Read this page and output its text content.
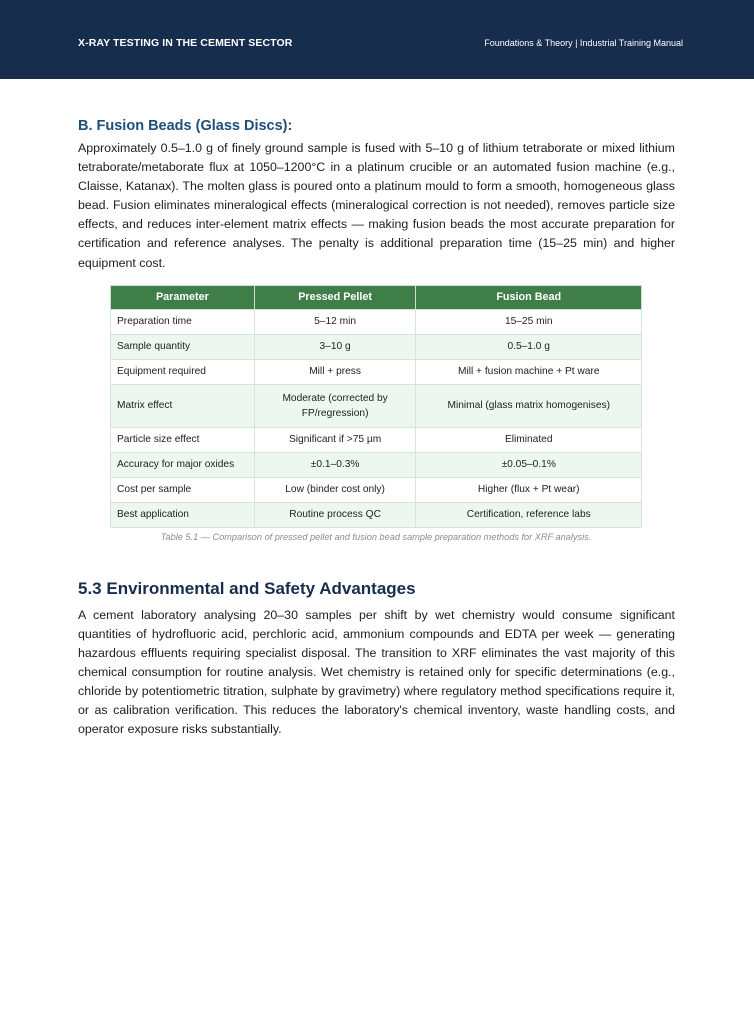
X-RAY TESTING IN THE CEMENT SECTOR	Foundations & Theory | Industrial Training Manual
B. Fusion Beads (Glass Discs):

Approximately 0.5–1.0 g of finely ground sample is fused with 5–10 g of lithium tetraborate or mixed lithium tetraborate/metaborate flux at 1050–1200°C in a platinum crucible or an automated fusion machine (e.g., Claisse, Katanax). The molten glass is poured onto a platinum mould to form a smooth, homogeneous glass bead. Fusion eliminates mineralogical effects (mineralogical correction is not needed), removes particle size effects, and reduces inter-element matrix effects — making fusion beads the most accurate preparation for certification and reference analyses. The penalty is additional preparation time (15–25 min) and higher equipment cost.

Parameter	Pressed Pellet	Fusion Bead
Preparation time	5–12 min	15–25 min
Sample quantity	3–10 g	0.5–1.0 g
Equipment required	Mill + press	Mill + fusion machine + Pt ware
Matrix effect	Moderate (corrected by FP/regression)	Minimal (glass matrix homogenises)
Particle size effect	Significant if >75 µm	Eliminated
Accuracy for major oxides	±0.1–0.3%	±0.05–0.1%
Cost per sample	Low (binder cost only)	Higher (flux + Pt wear)
Best application	Routine process QC	Certification, reference labs
Table 5.1 — Comparison of pressed pellet and fusion bead sample preparation methods for XRF analysis.
5.3 Environmental and Safety Advantages

A cement laboratory analysing 20–30 samples per shift by wet chemistry would consume significant quantities of hydrofluoric acid, perchloric acid, ammonium compounds and EDTA per week — generating hazardous effluents requiring specialist disposal. The transition to XRF eliminates the vast majority of this chemical consumption for routine analysis. Wet chemistry is retained only for specific determinations (e.g., chloride by potentiometric titration, sulphate by gravimetry) where regulatory method specifications require it, or as calibration verification. This reduces the laboratory's chemical inventory, waste handling costs, and operator exposure risks substantially.
